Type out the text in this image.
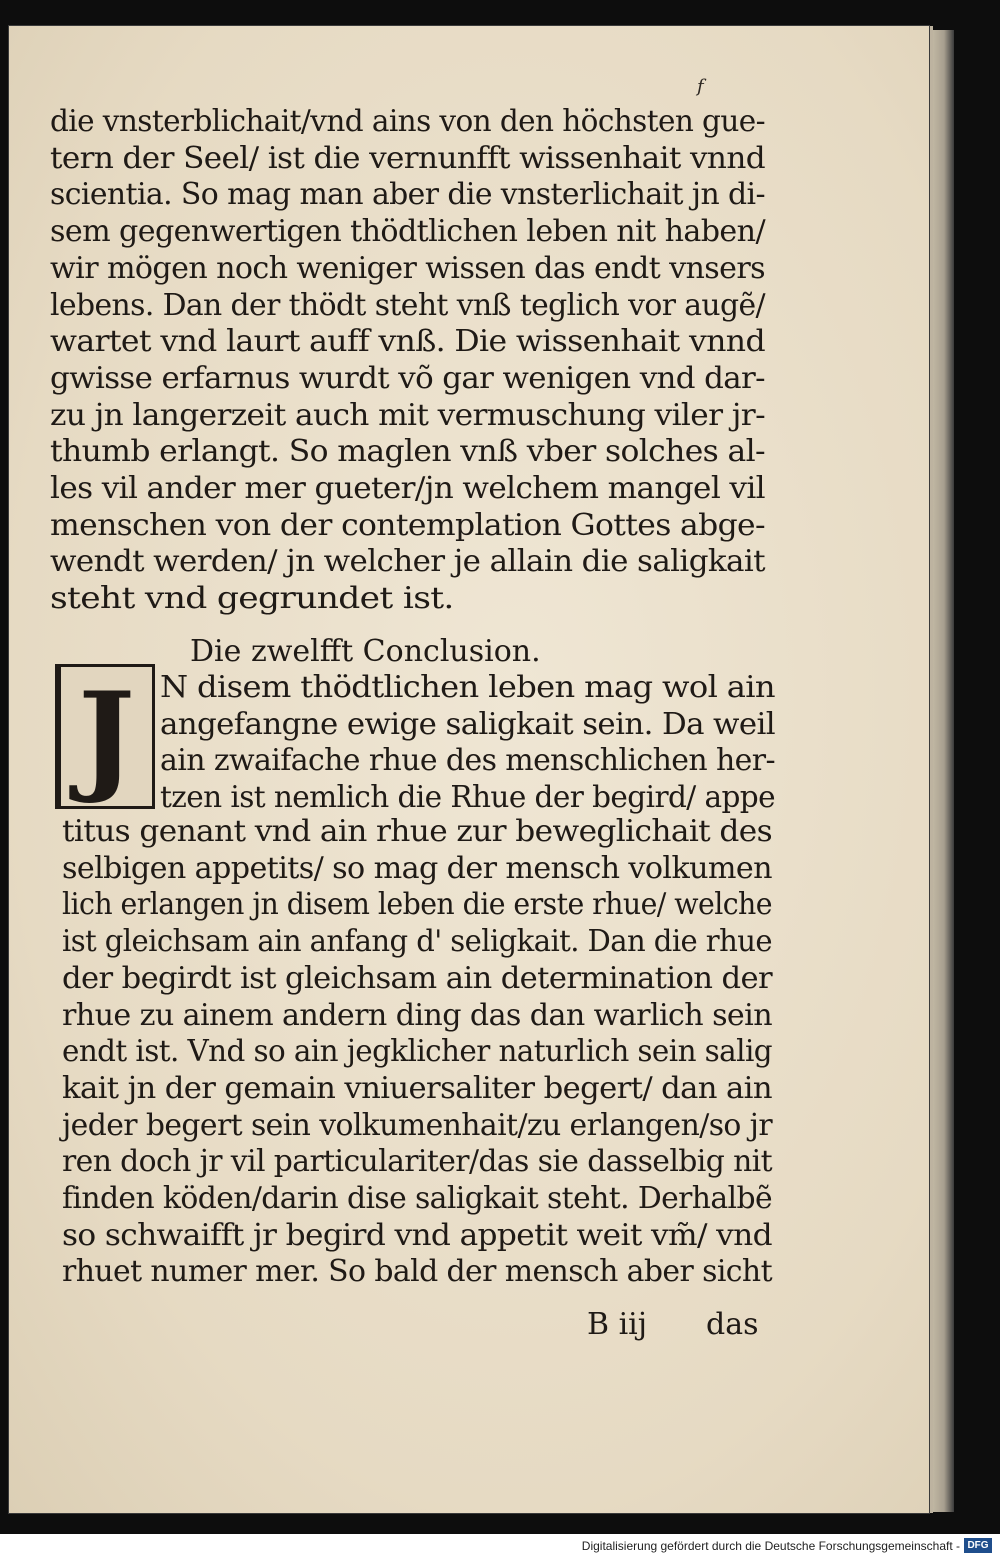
f
Die zwelfft Conclusion.
J
B iij das
Digitalisierung gefördert durch die Deutsche Forschungsgemeinschaft - DFG
die vnsterblichait/vnd ains von den höchsten gue-
tern der Seel/ ist die vernunfft wissenhait vnnd
scientia. So mag man aber die vnsterlichait jn di-
sem gegenwertigen thödtlichen leben nit haben/
wir mögen noch weniger wissen das endt vnsers
lebens. Dan der thödt steht vnß teglich vor augẽ/
wartet vnd laurt auff vnß. Die wissenhait vnnd
gwisse erfarnus wurdt võ gar wenigen vnd dar-
zu jn langerzeit auch mit vermuschung viler jr-
thumb erlangt. So maglen vnß vber solches al-
les vil ander mer gueter/jn welchem mangel vil
menschen von der contemplation Gottes abge-
wendt werden/ jn welcher je allain die saligkait
steht vnd gegrundet ist.
N disem thödtlichen leben mag wol ain
angefangne ewige saligkait sein. Da weil
ain zwaifache rhue des menschlichen her-
tzen ist nemlich die Rhue der begird/ appe
titus genant vnd ain rhue zur beweglichait des
selbigen appetits/ so mag der mensch volkumen
lich erlangen jn disem leben die erste rhue/ welche
ist gleichsam ain anfang d' seligkait. Dan die rhue
der begirdt ist gleichsam ain determination der
rhue zu ainem andern ding das dan warlich sein
endt ist. Vnd so ain jegklicher naturlich sein salig
kait jn der gemain vniuersaliter begert/ dan ain
jeder begert sein volkumenhait/zu erlangen/so jr
ren doch jr vil particulariter/das sie dasselbig nit
finden köden/darin dise saligkait steht. Derhalbẽ
so schwaifft jr begird vnd appetit weit vm̃/ vnd
rhuet numer mer. So bald der mensch aber sicht
